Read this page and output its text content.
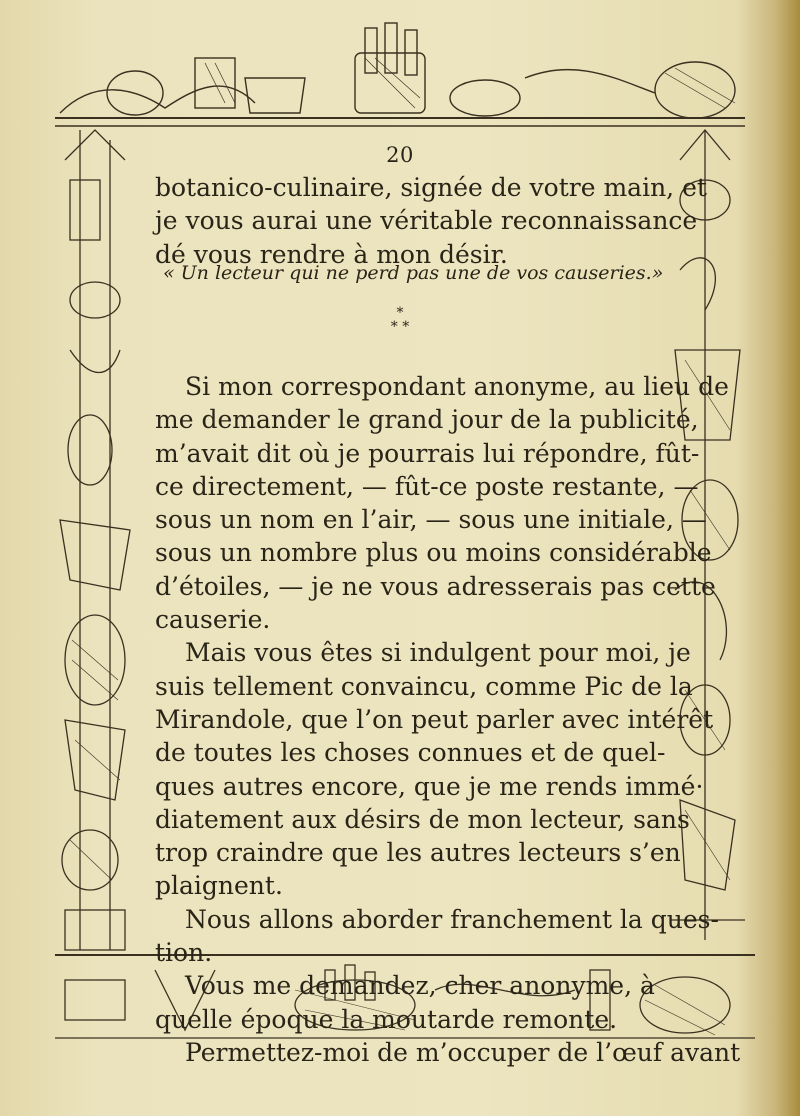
20
botanico-culinaire, signée de votre main, et
je vous aurai une véritable reconnaissance
dé vous rendre à mon désir.
« Un lecteur qui ne perd pas une de vos causeries.»
*
* *
Si mon correspondant anonyme, au lieu de
me demander le grand jour de la publicité,
m’avait dit où je pourrais lui répondre, fût-
ce directement, — fût-ce poste restante, —
sous un nom en l’air, — sous une initiale, —
sous un nombre plus ou moins considérable
d’étoiles, — je ne vous adresserais pas cette
causerie.
Mais vous êtes si indulgent pour moi, je
suis tellement convaincu, comme Pic de la
Mirandole, que l’on peut parler avec intérêt
de toutes les choses connues et de quel-
ques autres encore, que je me rends immé·
diatement aux désirs de mon lecteur, sans
trop craindre que les autres lecteurs s’en
plaignent.
Nous allons aborder franchement la ques-
tion.
Vous me demandez, cher anonyme, à
quelle époque la moutarde remonte.
Permettez-moi de m’occuper de l’œuf avant
